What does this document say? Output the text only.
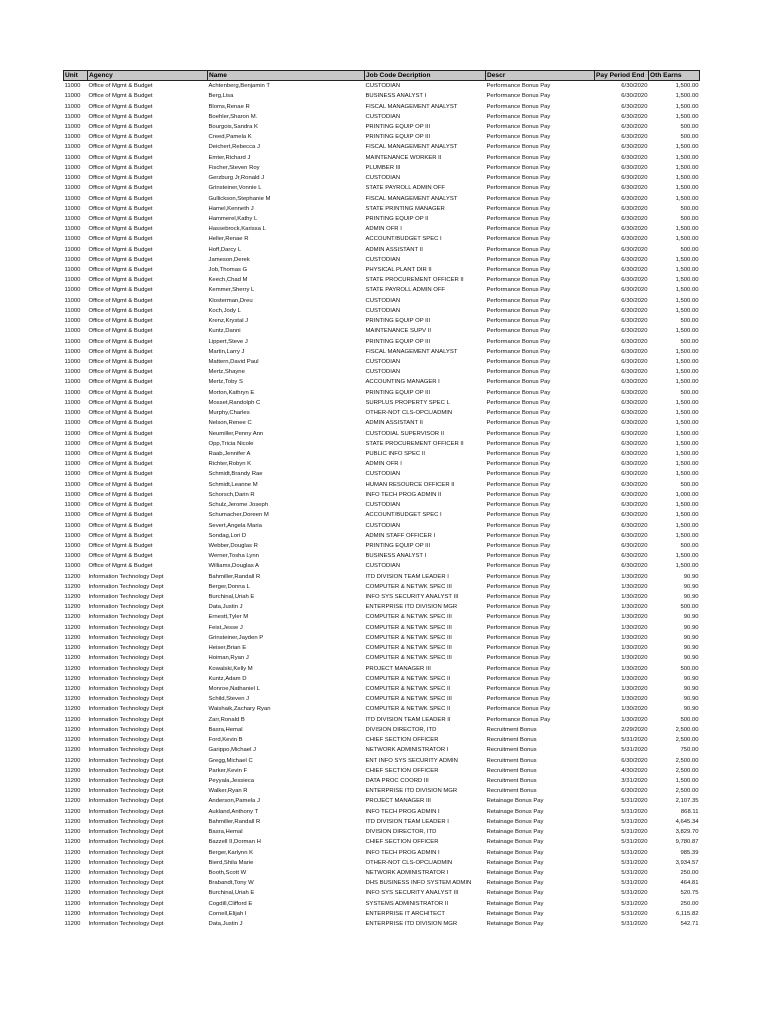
Unit	Agency	Name	Job Code Decription	Descr	Pay Period End	Oth Earns
11000	Office of Mgmt & Budget	Achtenberg,Benjamin T	CUSTODIAN	Performance Bonus Pay	6/30/2020	1,500.00
11000	Office of Mgmt & Budget	Berg,Lisa	BUSINESS ANALYST I	Performance Bonus Pay	6/30/2020	1,500.00
11000	Office of Mgmt & Budget	Bloms,Renae R	FISCAL MANAGEMENT ANALYST	Performance Bonus Pay	6/30/2020	1,500.00
11000	Office of Mgmt & Budget	Boehler,Sharon M.	CUSTODIAN	Performance Bonus Pay	6/30/2020	1,500.00
11000	Office of Mgmt & Budget	Bourgois,Sandra K	PRINTING EQUIP OP III	Performance Bonus Pay	6/30/2020	500.00
11000	Office of Mgmt & Budget	Creed,Pamela K	PRINTING EQUIP OP III	Performance Bonus Pay	6/30/2020	500.00
11000	Office of Mgmt & Budget	Deichert,Rebecca J	FISCAL MANAGEMENT ANALYST	Performance Bonus Pay	6/30/2020	1,500.00
11000	Office of Mgmt & Budget	Emter,Richard J	MAINTENANCE WORKER II	Performance Bonus Pay	6/30/2020	1,500.00
11000	Office of Mgmt & Budget	Fischer,Steven Roy	PLUMBER III	Performance Bonus Pay	6/30/2020	1,500.00
11000	Office of Mgmt & Budget	Gerzburg Jr,Ronald J	CUSTODIAN	Performance Bonus Pay	6/30/2020	1,500.00
11000	Office of Mgmt & Budget	Grinsteiner,Vonnie L	STATE PAYROLL ADMIN OFF	Performance Bonus Pay	6/30/2020	1,500.00
11000	Office of Mgmt & Budget	Gullickson,Stephanie M	FISCAL MANAGEMENT ANALYST	Performance Bonus Pay	6/30/2020	1,500.00
11000	Office of Mgmt & Budget	Hamel,Kenneth J	STATE PRINTING MANAGER	Performance Bonus Pay	6/30/2020	500.00
11000	Office of Mgmt & Budget	Hammerel,Kathy L	PRINTING EQUIP OP II	Performance Bonus Pay	6/30/2020	500.00
11000	Office of Mgmt & Budget	Hassebrock,Karissa L	ADMIN OFR I	Performance Bonus Pay	6/30/2020	1,500.00
11000	Office of Mgmt & Budget	Heller,Renae R	ACCOUNT/BUDGET SPEC I	Performance Bonus Pay	6/30/2020	1,500.00
11000	Office of Mgmt & Budget	Hoff,Darcy L	ADMIN ASSISTANT II	Performance Bonus Pay	6/30/2020	500.00
11000	Office of Mgmt & Budget	Jameson,Derek	CUSTODIAN	Performance Bonus Pay	6/30/2020	1,500.00
11000	Office of Mgmt & Budget	Job,Thomas G	PHYSICAL PLANT DIR II	Performance Bonus Pay	6/30/2020	1,500.00
11000	Office of Mgmt & Budget	Keech,Chad M	STATE PROCUREMENT OFFICER II	Performance Bonus Pay	6/30/2020	1,500.00
11000	Office of Mgmt & Budget	Kemmer,Sherry L	STATE PAYROLL ADMIN OFF	Performance Bonus Pay	6/30/2020	1,500.00
11000	Office of Mgmt & Budget	Klosterman,Dreu	CUSTODIAN	Performance Bonus Pay	6/30/2020	1,500.00
11000	Office of Mgmt & Budget	Koch,Jody L	CUSTODIAN	Performance Bonus Pay	6/30/2020	1,500.00
11000	Office of Mgmt & Budget	Krenz,Krystal J	PRINTING EQUIP OP III	Performance Bonus Pay	6/30/2020	500.00
11000	Office of Mgmt & Budget	Kuntz,Danni	MAINTENANCE SUPV II	Performance Bonus Pay	6/30/2020	1,500.00
11000	Office of Mgmt & Budget	Lippert,Steve J	PRINTING EQUIP OP III	Performance Bonus Pay	6/30/2020	500.00
11000	Office of Mgmt & Budget	Martin,Larry J	FISCAL MANAGEMENT ANALYST	Performance Bonus Pay	6/30/2020	1,500.00
11000	Office of Mgmt & Budget	Mattern,David Paul	CUSTODIAN	Performance Bonus Pay	6/30/2020	1,500.00
11000	Office of Mgmt & Budget	Mertz,Shayne	CUSTODIAN	Performance Bonus Pay	6/30/2020	1,500.00
11000	Office of Mgmt & Budget	Mertz,Toby S	ACCOUNTING MANAGER I	Performance Bonus Pay	6/30/2020	1,500.00
11000	Office of Mgmt & Budget	Morton,Kathryn E	PRINTING EQUIP OP III	Performance Bonus Pay	6/30/2020	500.00
11000	Office of Mgmt & Budget	Mosset,Randolph C	SURPLUS PROPERTY SPEC L	Performance Bonus Pay	6/30/2020	1,500.00
11000	Office of Mgmt & Budget	Murphy,Charles	OTHER-NOT CLS-OPCL/ADMIN	Performance Bonus Pay	6/30/2020	1,500.00
11000	Office of Mgmt & Budget	Nelson,Renee C	ADMIN ASSISTANT II	Performance Bonus Pay	6/30/2020	1,500.00
11000	Office of Mgmt & Budget	Neumiller,Penny Ann	CUSTODIAL SUPERVISOR II	Performance Bonus Pay	6/30/2020	1,500.00
11000	Office of Mgmt & Budget	Opp,Tricia Nicole	STATE PROCUREMENT OFFICER II	Performance Bonus Pay	6/30/2020	1,500.00
11000	Office of Mgmt & Budget	Raab,Jennifer A	PUBLIC INFO SPEC II	Performance Bonus Pay	6/30/2020	1,500.00
11000	Office of Mgmt & Budget	Richter,Robyn K	ADMIN OFR I	Performance Bonus Pay	6/30/2020	1,500.00
11000	Office of Mgmt & Budget	Schmidt,Brandy Rae	CUSTODIAN	Performance Bonus Pay	6/30/2020	1,500.00
11000	Office of Mgmt & Budget	Schmidt,Leanne M	HUMAN RESOURCE OFFICER II	Performance Bonus Pay	6/30/2020	500.00
11000	Office of Mgmt & Budget	Schorsch,Darin R	INFO TECH PROG ADMIN II	Performance Bonus Pay	6/30/2020	1,000.00
11000	Office of Mgmt & Budget	Schulz,Jerome Joseph	CUSTODIAN	Performance Bonus Pay	6/30/2020	1,500.00
11000	Office of Mgmt & Budget	Schumacher,Doreen M	ACCOUNT/BUDGET SPEC I	Performance Bonus Pay	6/30/2020	1,500.00
11000	Office of Mgmt & Budget	Severt,Angela Maria	CUSTODIAN	Performance Bonus Pay	6/30/2020	1,500.00
11000	Office of Mgmt & Budget	Sondag,Lori D	ADMIN STAFF OFFICER I	Performance Bonus Pay	6/30/2020	1,500.00
11000	Office of Mgmt & Budget	Webber,Douglas R	PRINTING EQUIP OP III	Performance Bonus Pay	6/30/2020	500.00
11000	Office of Mgmt & Budget	Werner,Tosha Lynn	BUSINESS ANALYST I	Performance Bonus Pay	6/30/2020	1,500.00
11000	Office of Mgmt & Budget	Williams,Douglas A	CUSTODIAN	Performance Bonus Pay	6/30/2020	1,500.00
11200	Information Technology Dept	Bahmiller,Randall R	ITD DIVISION TEAM LEADER I	Performance Bonus Pay	1/30/2020	90.90
11200	Information Technology Dept	Berger,Donna L	COMPUTER & NETWK SPEC III	Performance Bonus Pay	1/30/2020	90.90
11200	Information Technology Dept	Burchinal,Uriah E	INFO SYS SECURITY ANALYST III	Performance Bonus Pay	1/30/2020	90.90
11200	Information Technology Dept	Data,Justin J	ENTERPRISE ITD DIVISION MGR	Performance Bonus Pay	1/30/2020	500.00
11200	Information Technology Dept	Ernestt,Tyler M	COMPUTER & NETWK SPEC III	Performance Bonus Pay	1/30/2020	90.90
11200	Information Technology Dept	Feist,Jesse J	COMPUTER & NETWK SPEC III	Performance Bonus Pay	1/30/2020	90.90
11200	Information Technology Dept	Grinsteiner,Jayden P	COMPUTER & NETWK SPEC III	Performance Bonus Pay	1/30/2020	90.90
11200	Information Technology Dept	Heiser,Brian E	COMPUTER & NETWK SPEC III	Performance Bonus Pay	1/30/2020	90.90
11200	Information Technology Dept	Hoiman,Ryan J	COMPUTER & NETWK SPEC III	Performance Bonus Pay	1/30/2020	90.90
11200	Information Technology Dept	Kowalski,Kelly M	PROJECT MANAGER III	Performance Bonus Pay	1/30/2020	500.00
11200	Information Technology Dept	Kuntz,Adam D	COMPUTER & NETWK SPEC II	Performance Bonus Pay	1/30/2020	90.90
11200	Information Technology Dept	Monroe,Nathaniel L	COMPUTER & NETWK SPEC II	Performance Bonus Pay	1/30/2020	90.90
11200	Information Technology Dept	Schild,Steven J	COMPUTER & NETWK SPEC III	Performance Bonus Pay	1/30/2020	90.90
11200	Information Technology Dept	Waishaik,Zachary Ryan	COMPUTER & NETWK SPEC II	Performance Bonus Pay	1/30/2020	90.90
11200	Information Technology Dept	Zarr,Ronald B	ITD DIVISION TEAM LEADER II	Performance Bonus Pay	1/30/2020	500.00
11200	Information Technology Dept	Basra,Hemal	DIVISION DIRECTOR, ITD	Recruitment Bonus	2/29/2020	2,500.00
11200	Information Technology Dept	Ford,Kevin B	CHIEF SECTION OFFICER	Recruitment Bonus	5/31/2020	2,500.00
11200	Information Technology Dept	Garippo,Michael J	NETWORK ADMINISTRATOR I	Recruitment Bonus	5/31/2020	750.00
11200	Information Technology Dept	Gregg,Michael C	ENT INFO SYS SECURITY ADMIN	Recruitment Bonus	6/30/2020	2,500.00
11200	Information Technology Dept	Parker,Kevin F	CHIEF SECTION OFFICER	Recruitment Bonus	4/30/2020	2,500.00
11200	Information Technology Dept	Peyyala,Jessieca	DATA PROC COORD III	Recruitment Bonus	3/31/2020	1,500.00
11200	Information Technology Dept	Walker,Ryan R	ENTERPRISE ITD DIVISION MGR	Recruitment Bonus	6/30/2020	2,500.00
11200	Information Technology Dept	Anderson,Pamela J	PROJECT MANAGER III	Retainage Bonus Pay	5/31/2020	2,107.35
11200	Information Technology Dept	Aukland,Anthony T	INFO TECH PROG ADMIN I	Retainage Bonus Pay	5/31/2020	868.11
11200	Information Technology Dept	Bahmiller,Randall R	ITD DIVISION TEAM LEADER I	Retainage Bonus Pay	5/31/2020	4,645.34
11200	Information Technology Dept	Basra,Hemal	DIVISION DIRECTOR, ITD	Retainage Bonus Pay	5/31/2020	3,829.70
11200	Information Technology Dept	Bazzell II,Dorman H	CHIEF SECTION OFFICER	Retainage Bonus Pay	5/31/2020	9,780.87
11200	Information Technology Dept	Berger,Karlynn K	INFO TECH PROG ADMIN I	Retainage Bonus Pay	5/31/2020	985.39
11200	Information Technology Dept	Bierd,Shila Marie	OTHER-NOT CLS-OPCL/ADMIN	Retainage Bonus Pay	5/31/2020	3,934.57
11200	Information Technology Dept	Booth,Scott W	NETWORK ADMINISTRATOR I	Retainage Bonus Pay	5/31/2020	250.00
11200	Information Technology Dept	Brabandt,Tony W	DHS BUSINESS INFO SYSTEM ADMIN	Retainage Bonus Pay	5/31/2020	464.81
11200	Information Technology Dept	Burchinal,Uriah E	INFO SYS SECURITY ANALYST III	Retainage Bonus Pay	5/31/2020	520.75
11200	Information Technology Dept	Cogdill,Clifford E	SYSTEMS ADMINISTRATOR II	Retainage Bonus Pay	5/31/2020	250.00
11200	Information Technology Dept	Cornell,Elijah I	ENTERPRISE IT ARCHITECT	Retainage Bonus Pay	5/31/2020	6,115.82
11200	Information Technology Dept	Data,Justin J	ENTERPRISE ITD DIVISION MGR	Retainage Bonus Pay	5/31/2020	542.71
